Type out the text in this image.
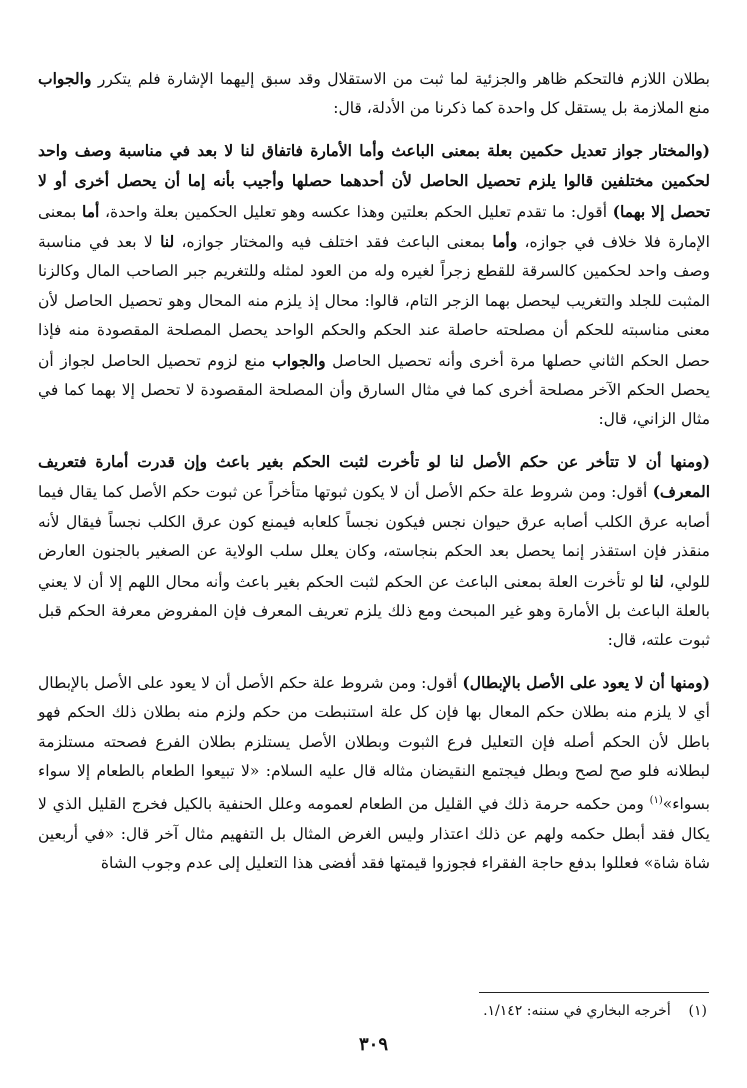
بطلان اللازم فالتحكم ظاهر والجزئية لما ثبت من الاستقلال وقد سبق إليهما الإشارة فلم يتكرر والجواب منع الملازمة بل يستقل كل واحدة كما ذكرنا من الأدلة، قال:

(والمختار جواز تعديل حكمين بعلة بمعنى الباعث وأما الأمارة فاتفاق لنا لا بعد في مناسبة وصف واحد لحكمين مختلفين قالوا يلزم تحصيل الحاصل لأن أحدهما حصلها وأجيب بأنه إما أن يحصل أخرى أو لا تحصل إلا بهما) أقول: ما تقدم تعليل الحكم بعلتين وهذا عكسه وهو تعليل الحكمين بعلة واحدة، أما بمعنى الإمارة فلا خلاف في جوازه، وأما بمعنى الباعث فقد اختلف فيه والمختار جوازه، لنا لا بعد في مناسبة وصف واحد لحكمين كالسرقة للقطع زجراً لغيره وله من العود لمثله وللتغريم جبر الصاحب المال وكالزنا المثبت للجلد والتغريب ليحصل بهما الزجر التام، قالوا: محال إذ يلزم منه المحال وهو تحصيل الحاصل لأن معنى مناسبته للحكم أن مصلحته حاصلة عند الحكم والحكم الواحد يحصل المصلحة المقصودة منه فإذا حصل الحكم الثاني حصلها مرة أخرى وأنه تحصيل الحاصل والجواب منع لزوم تحصيل الحاصل لجواز أن يحصل الحكم الآخر مصلحة أخرى كما في مثال السارق وأن المصلحة المقصودة لا تحصل إلا بهما كما في مثال الزاني، قال:

(ومنها أن لا تتأخر عن حكم الأصل لنا لو تأخرت لثبت الحكم بغير باعث وإن قدرت أمارة فتعريف المعرف) أقول: ومن شروط علة حكم الأصل أن لا يكون ثبوتها متأخراً عن ثبوت حكم الأصل كما يقال فيما أصابه عرق الكلب أصابه عرق حيوان نجس فيكون نجساً كلعابه فيمنع كون عرق الكلب نجساً فيقال لأنه منقذر فإن استقذر إنما يحصل بعد الحكم بنجاسته، وكان يعلل سلب الولاية عن الصغير بالجنون العارض للولي، لنا لو تأخرت العلة بمعنى الباعث عن الحكم لثبت الحكم بغير باعث وأنه محال اللهم إلا أن لا يعني بالعلة الباعث بل الأمارة وهو غير المبحث ومع ذلك يلزم تعريف المعرف فإن المفروض معرفة الحكم قبل ثبوت علته، قال:

(ومنها أن لا يعود على الأصل بالإبطال) أقول: ومن شروط علة حكم الأصل أن لا يعود على الأصل بالإبطال أي لا يلزم منه بطلان حكم المعال بها فإن كل علة استنبطت من حكم ولزم منه بطلان ذلك الحكم فهو باطل لأن الحكم أصله فإن التعليل فرع الثبوت وبطلان الأصل يستلزم بطلان الفرع فصحته مستلزمة لبطلانه فلو صح لصح وبطل فيجتمع النقيضان مثاله قال عليه السلام: «لا تبيعوا الطعام بالطعام إلا سواء بسواء»$^{(١)}$ ومن حكمه حرمة ذلك في القليل من الطعام لعمومه وعلل الحنفية بالكيل فخرج القليل الذي لا يكال فقد أبطل حكمه ولهم عن ذلك اعتذار وليس الغرض المثال بل التفهيم مثال آخر قال: «في أربعين شاة شاة» فعللوا بدفع حاجة الفقراء فجوزوا قيمتها فقد أفضى هذا التعليل إلى عدم وجوب الشاة

(١)    أخرجه البخاري في سننه: ١/١٤٢.
٣٠٩
